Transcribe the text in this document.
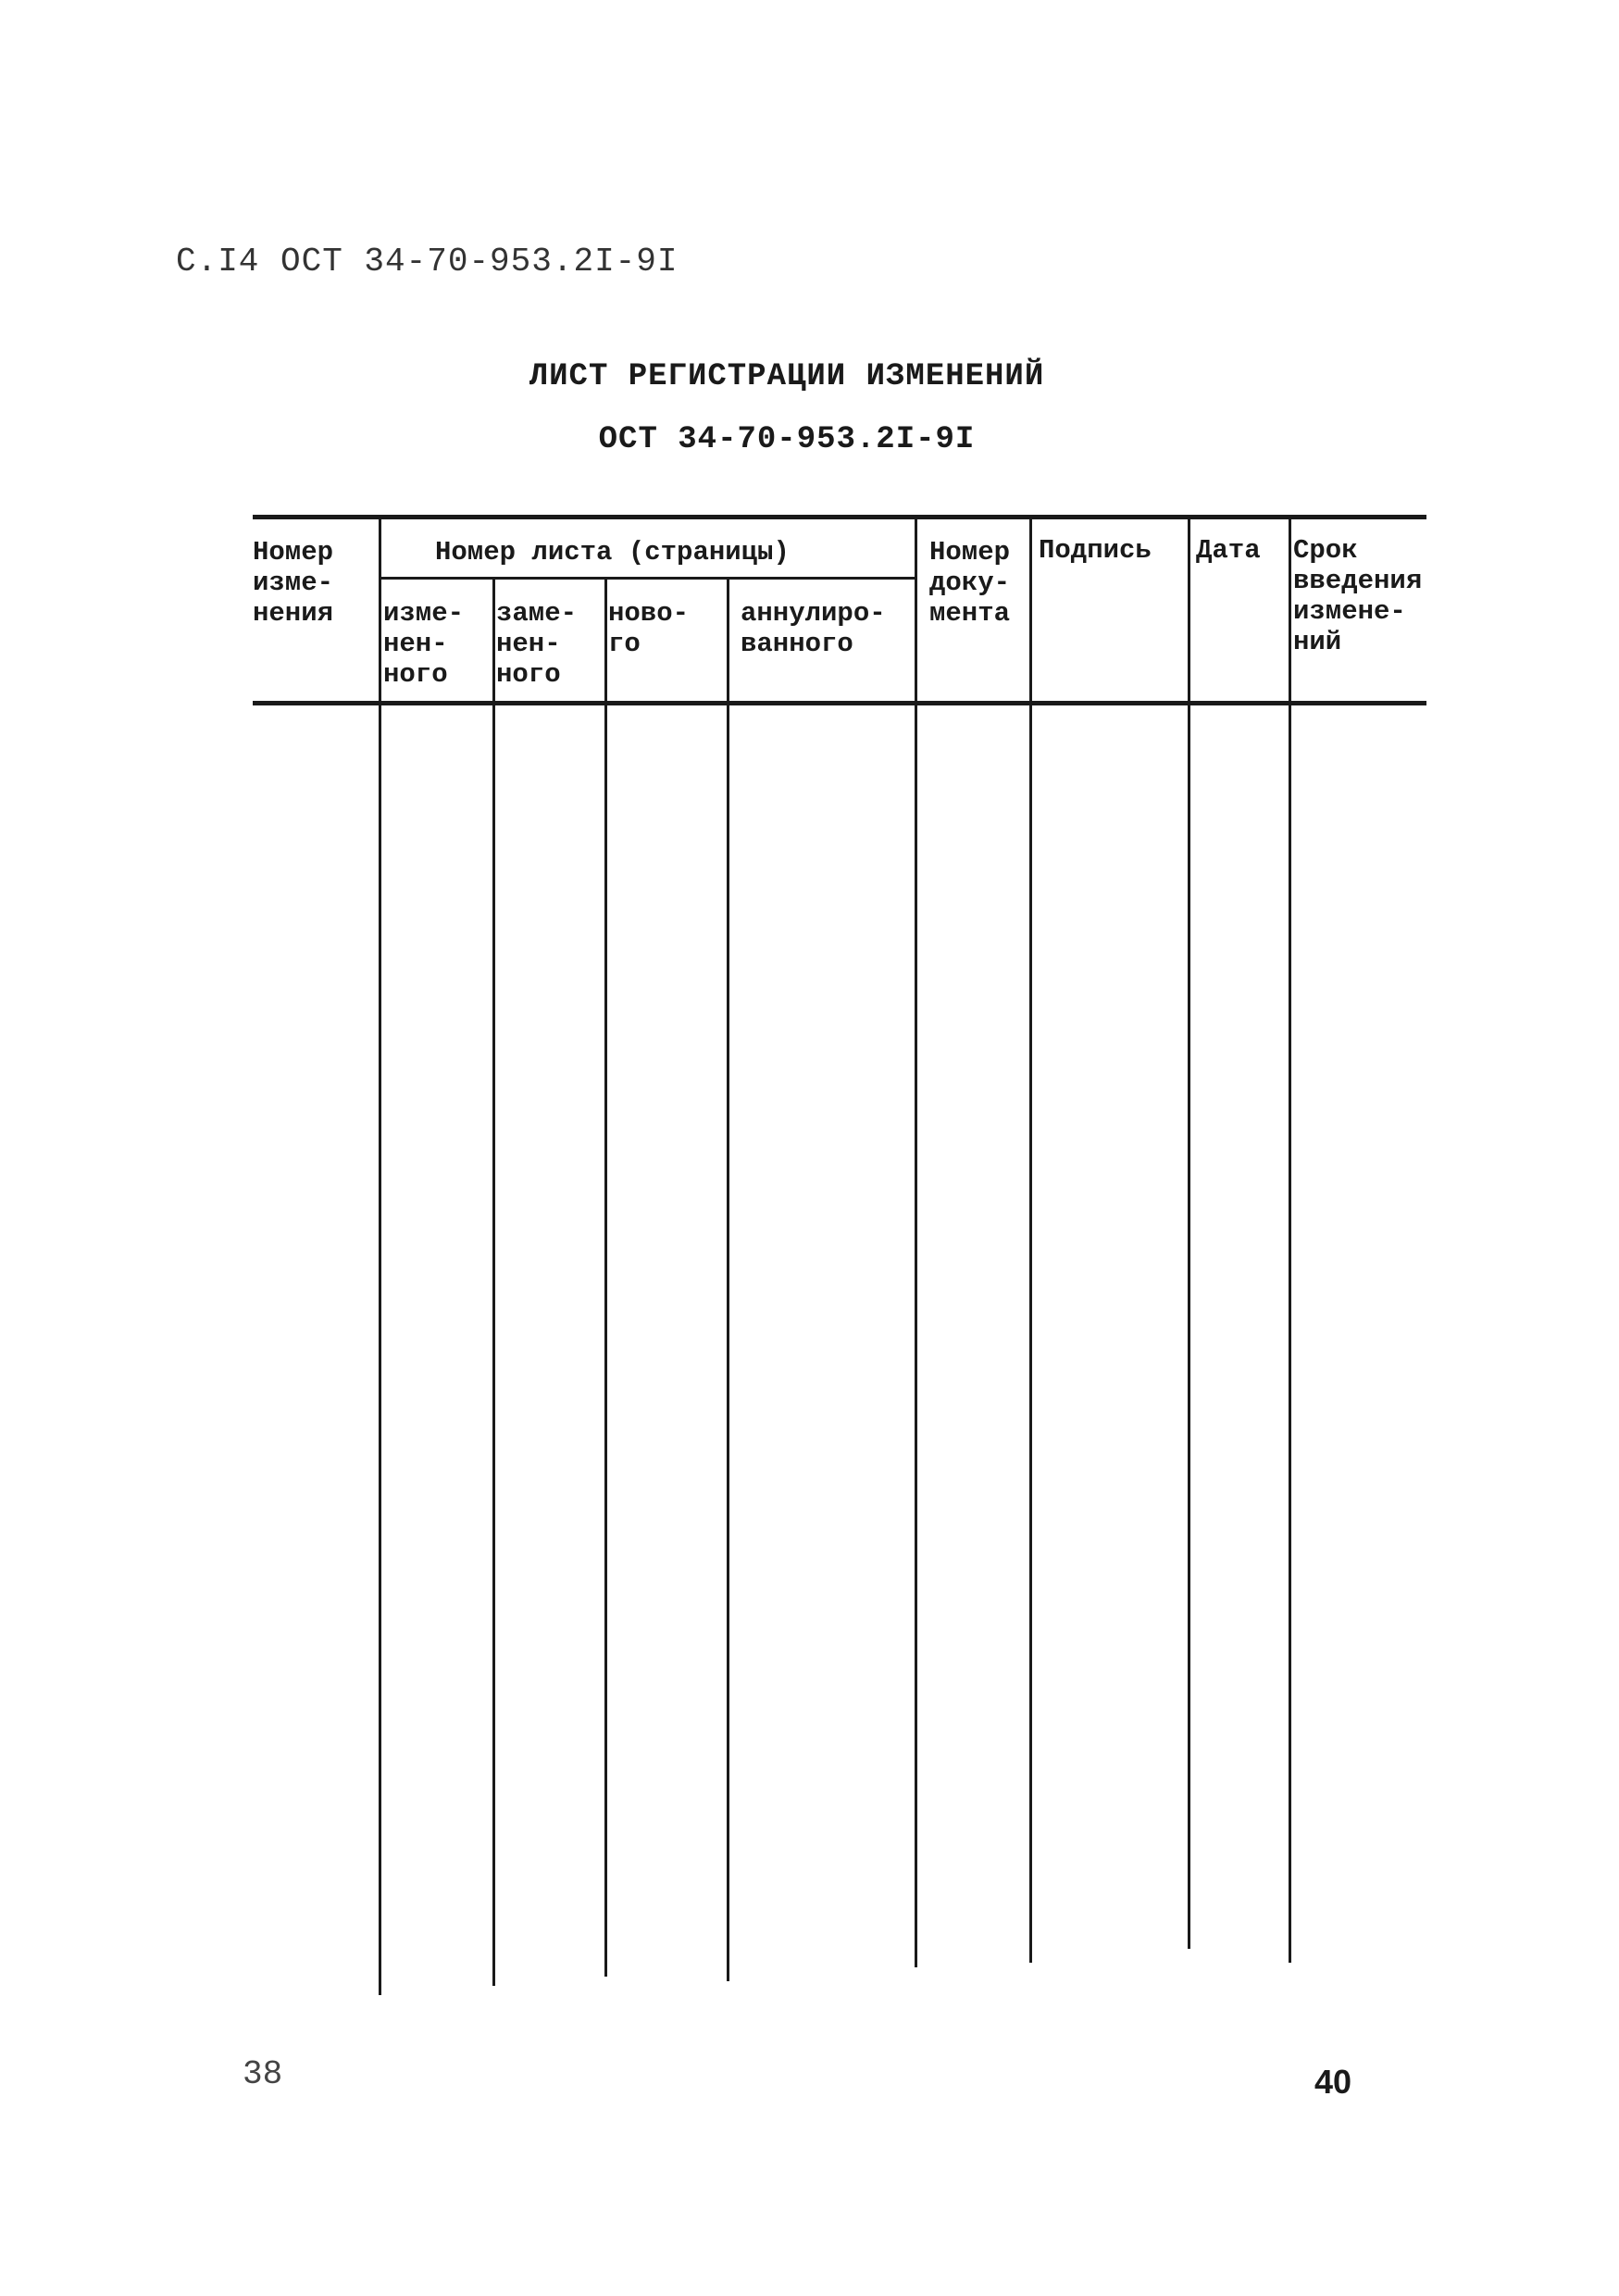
С.I4 ОСТ 34-70-953.2I-9I
ЛИСТ РЕГИСТРАЦИИ ИЗМЕНЕНИЙ
ОСТ 34-70-953.2I-9I
Номер
изме-
нения
Номер листа (страницы)
изме-
нен-
ного
заме-
нен-
ного
ново-
го
аннулиро-
ванного
Номер
доку-
мента
Подпись Дата Срок
введения
измене-
ний
38	40
